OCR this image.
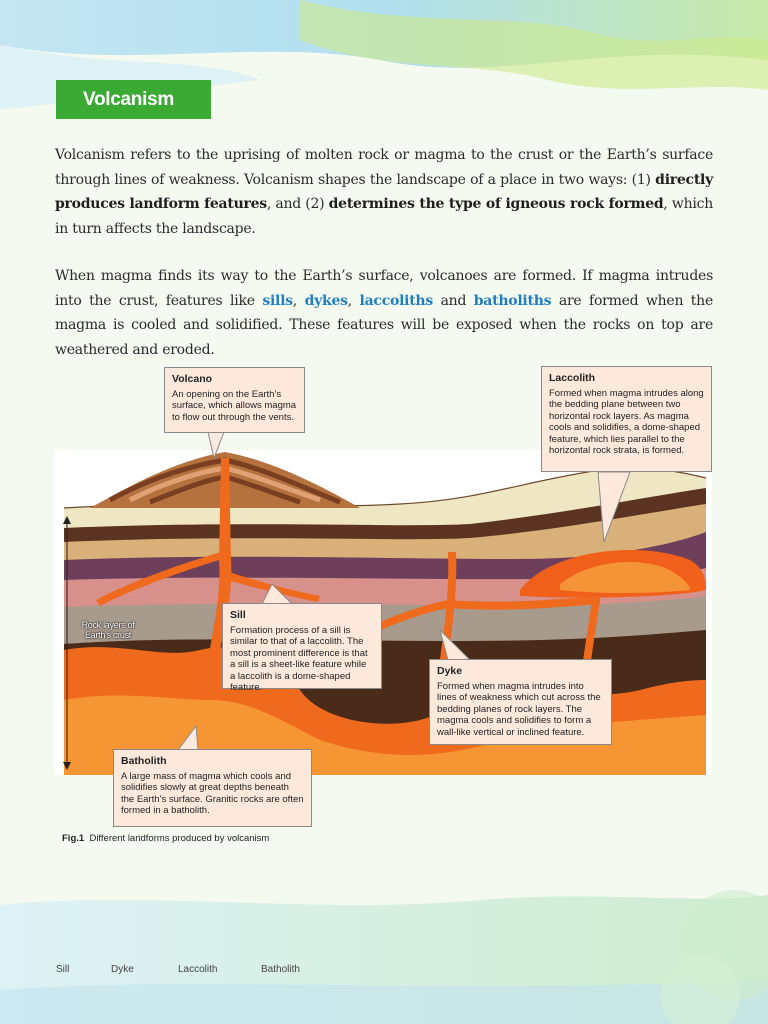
Volcanism

Volcanism refers to the uprising of molten rock or magma to the crust or the Earth’s surface through lines of weakness. Volcanism shapes the landscape of a place in two ways: (1) directly produces landform features, and (2) determines the type of igneous rock formed, which in turn affects the landscape.

When magma finds its way to the Earth’s surface, volcanoes are formed. If magma intrudes into the crust, features like sills, dykes, laccoliths and batholiths are formed when the magma is cooled and solidified. These features will be exposed when the rocks on top are weathered and eroded.

Volcano
An opening on the Earth’s surface, which allows magma to flow out through the vents.
Laccolith
Formed when magma intrudes along the bedding plane between two horizontal rock layers. As magma cools and solidifies, a dome-shaped feature, which lies parallel to the horizontal rock strata, is formed.
Sill
Formation process of a sill is similar to that of a laccolith. The most prominent difference is that a sill is a sheet-like feature while a laccolith is a dome-shaped feature.
Dyke
Formed when magma intrudes into lines of weakness which cut across the bedding planes of rock layers. The magma cools and solidifies to form a wall-like vertical or inclined feature.
Batholith
A large mass of magma which cools and solidifies slowly at great depths beneath the Earth’s surface. Granitic rocks are often formed in a batholith.
Rock layers of Earth’s crust
Fig.1 Different landforms produced by volcanism
Sill	Dyke	Laccolith	Batholith
